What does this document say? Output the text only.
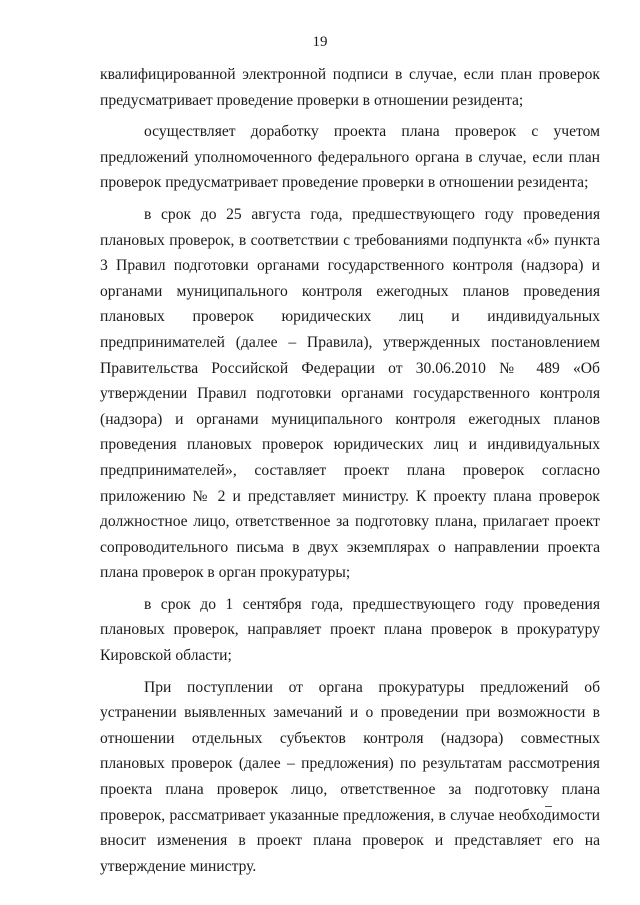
19

квалифицированной электронной подписи в случае, если план проверок предусматривает проведение проверки в отношении резидента;

осуществляет доработку проекта плана проверок с учетом предложений уполномоченного федерального органа в случае, если план проверок предусматривает проведение проверки в отношении резидента;

в срок до 25 августа года, предшествующего году проведения плановых проверок, в соответствии с требованиями подпункта «б» пункта 3 Правил подготовки органами государственного контроля (надзора) и органами муниципального контроля ежегодных планов проведения плановых проверок юридических лиц и индивидуальных предпринимателей (далее – Правила), утвержденных постановлением Правительства Российской Федерации от 30.06.2010 № 489 «Об утверждении Правил подготовки органами государственного контроля (надзора) и органами муниципального контроля ежегодных планов проведения плановых проверок юридических лиц и индивидуальных предпринимателей», составляет проект плана проверок согласно приложению № 2 и представляет министру. К проекту плана проверок должностное лицо, ответственное за подготовку плана, прилагает проект сопроводительного письма в двух экземплярах о направлении проекта плана проверок в орган прокуратуры;

в срок до 1 сентября года, предшествующего году проведения плановых проверок, направляет проект плана проверок в прокуратуру Кировской области;

При поступлении от органа прокуратуры предложений об устранении выявленных замечаний и о проведении при возможности в отношении отдельных субъектов контроля (надзора) совместных плановых проверок (далее – предложения) по результатам рассмотрения проекта плана проверок лицо, ответственное за подготовку плана проверок, рассматривает указанные предложения, в случае необходимости вносит изменения в проект плана проверок и представляет его на утверждение министру.
